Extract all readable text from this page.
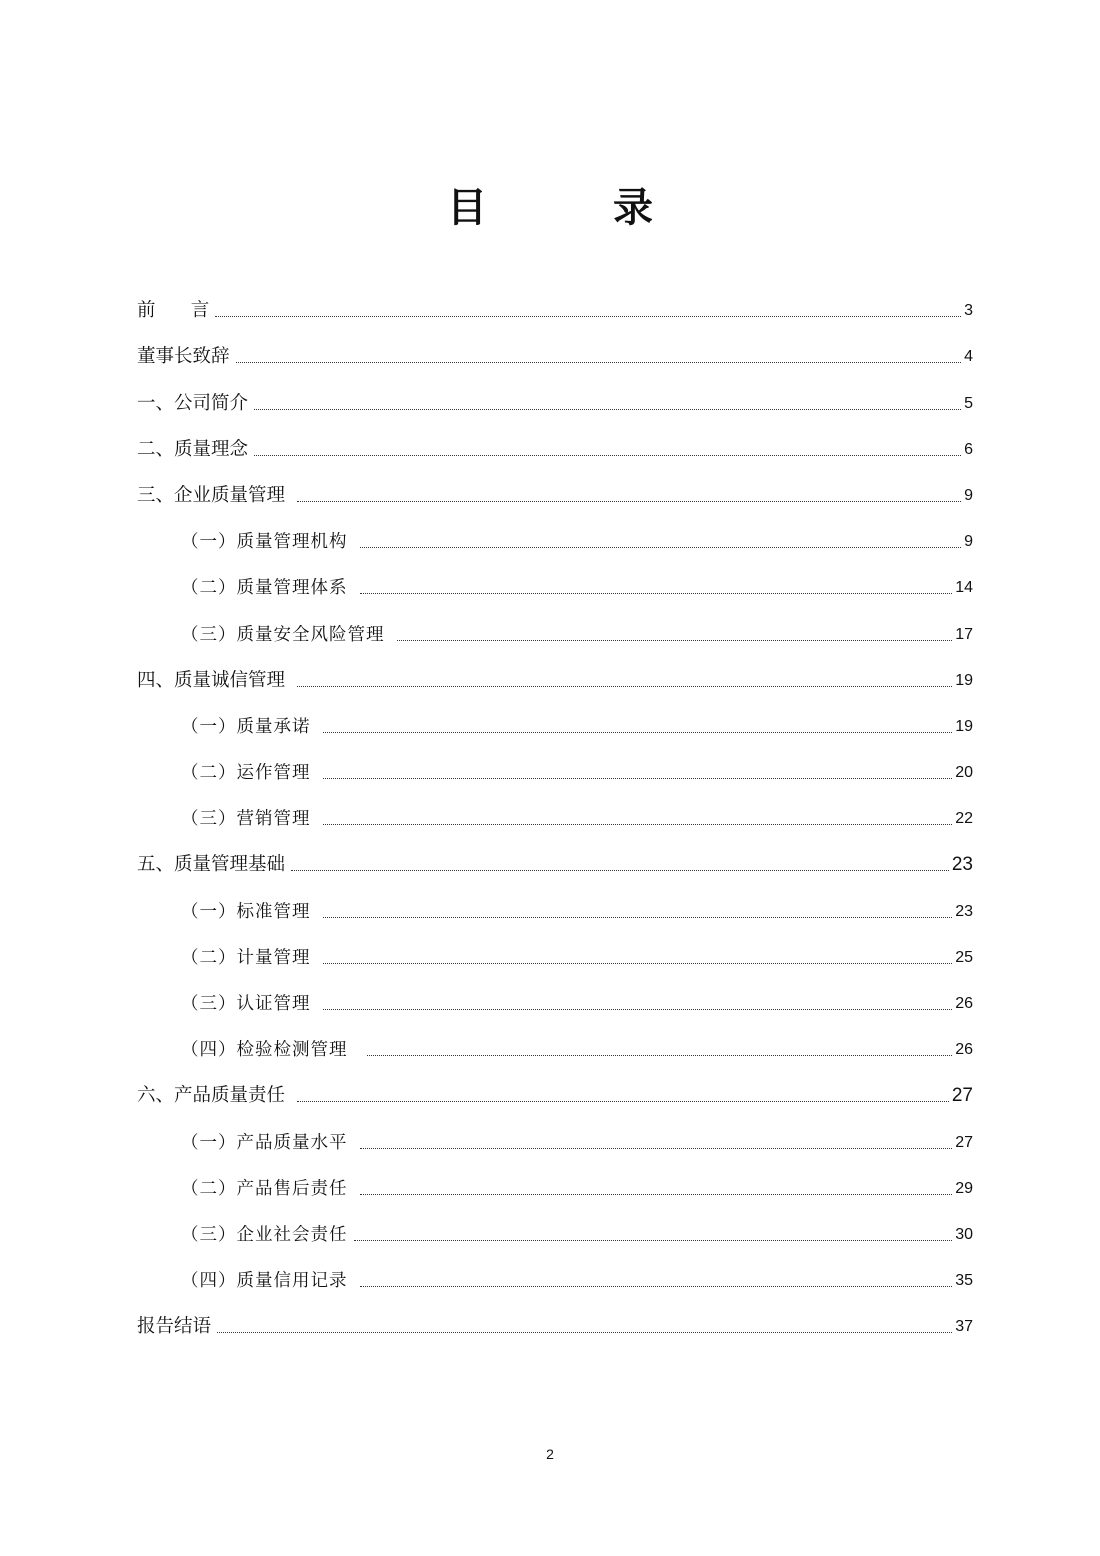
目 录
前      言	3
董事长致辞	4
一、公司简介	5
二、质量理念	6
三、企业质量管理	9
（一）质量管理机构	9
（二）质量管理体系	14
（三）质量安全风险管理	17
四、质量诚信管理	19
（一）质量承诺	19
（二）运作管理	20
（三）营销管理	22
五、质量管理基础	23
（一）标准管理	23
（二）计量管理	25
（三）认证管理	26
（四）检验检测管理	26
六、产品质量责任	27
（一）产品质量水平	27
（二）产品售后责任	29
（三）企业社会责任	30
（四）质量信用记录	35
报告结语	37
2
